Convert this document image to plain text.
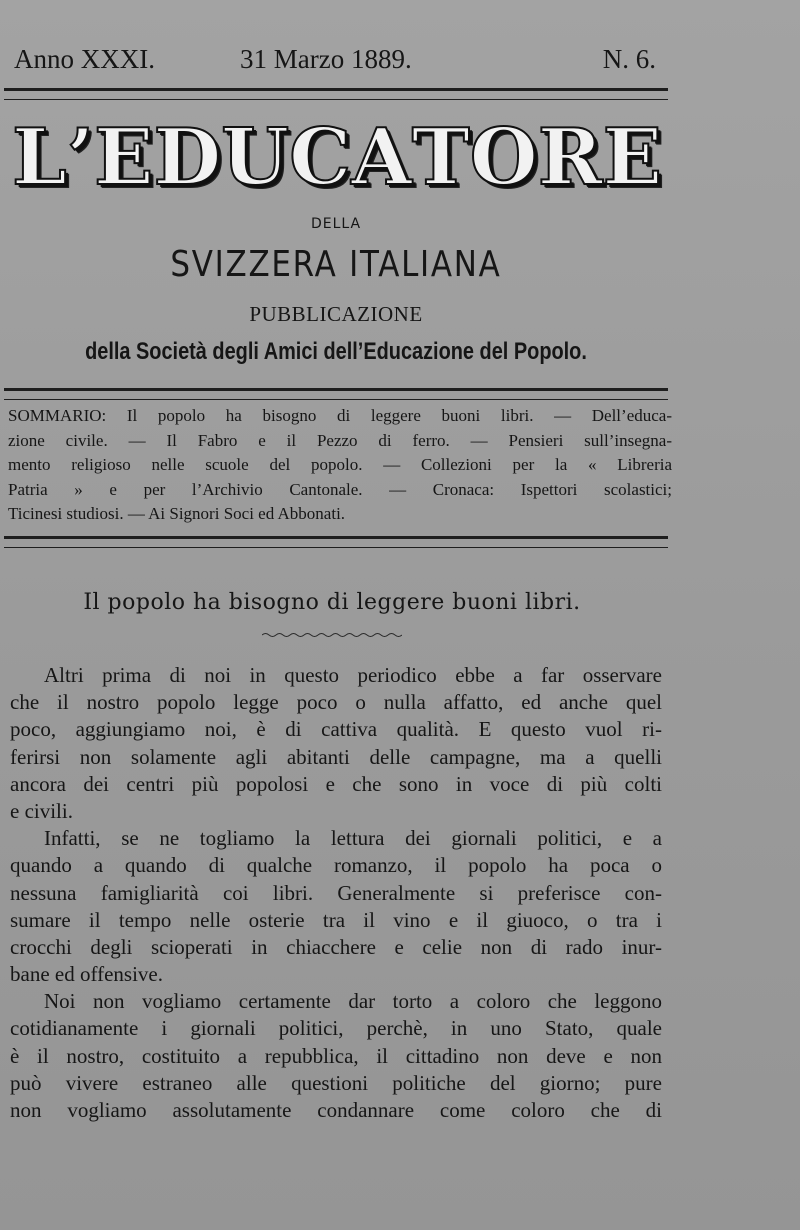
Anno XXXI.	31 Marzo 1889.	N. 6.
L ’ E D U C A T O R E
DELLA
SVIZZERA ITALIANA
PUBBLICAZIONE
della Società degli Amici dell’Educazione del Popolo.
SOMMARIO: Il popolo ha bisogno di leggere buoni libri. — Dell’educa-
zione civile. — Il Fabro e il Pezzo di ferro. — Pensieri sull’insegna-
mento religioso nelle scuole del popolo. — Collezioni per la « Libreria
Patria » e per l’Archivio Cantonale. — Cronaca: Ispettori scolastici;
Ticinesi studiosi. — Ai Signori Soci ed Abbonati.
Il popolo ha bisogno di leggere buoni libri.
Altri prima di noi in questo periodico ebbe a far osservare
che il nostro popolo legge poco o nulla affatto, ed anche quel
poco, aggiungiamo noi, è di cattiva qualità. E questo vuol ri-
ferirsi non solamente agli abitanti delle campagne, ma a quelli
ancora dei centri più popolosi e che sono in voce di più colti
e civili.
Infatti, se ne togliamo la lettura dei giornali politici, e a
quando a quando di qualche romanzo, il popolo ha poca o
nessuna famigliarità coi libri. Generalmente si preferisce con-
sumare il tempo nelle osterie tra il vino e il giuoco, o tra i
crocchi degli scioperati in chiacchere e celie non di rado inur-
bane ed offensive.
Noi non vogliamo certamente dar torto a coloro che leggono
cotidianamente i giornali politici, perchè, in uno Stato, quale
è il nostro, costituito a repubblica, il cittadino non deve e non
può vivere estraneo alle questioni politiche del giorno; pure
non vogliamo assolutamente condannare come coloro che di
